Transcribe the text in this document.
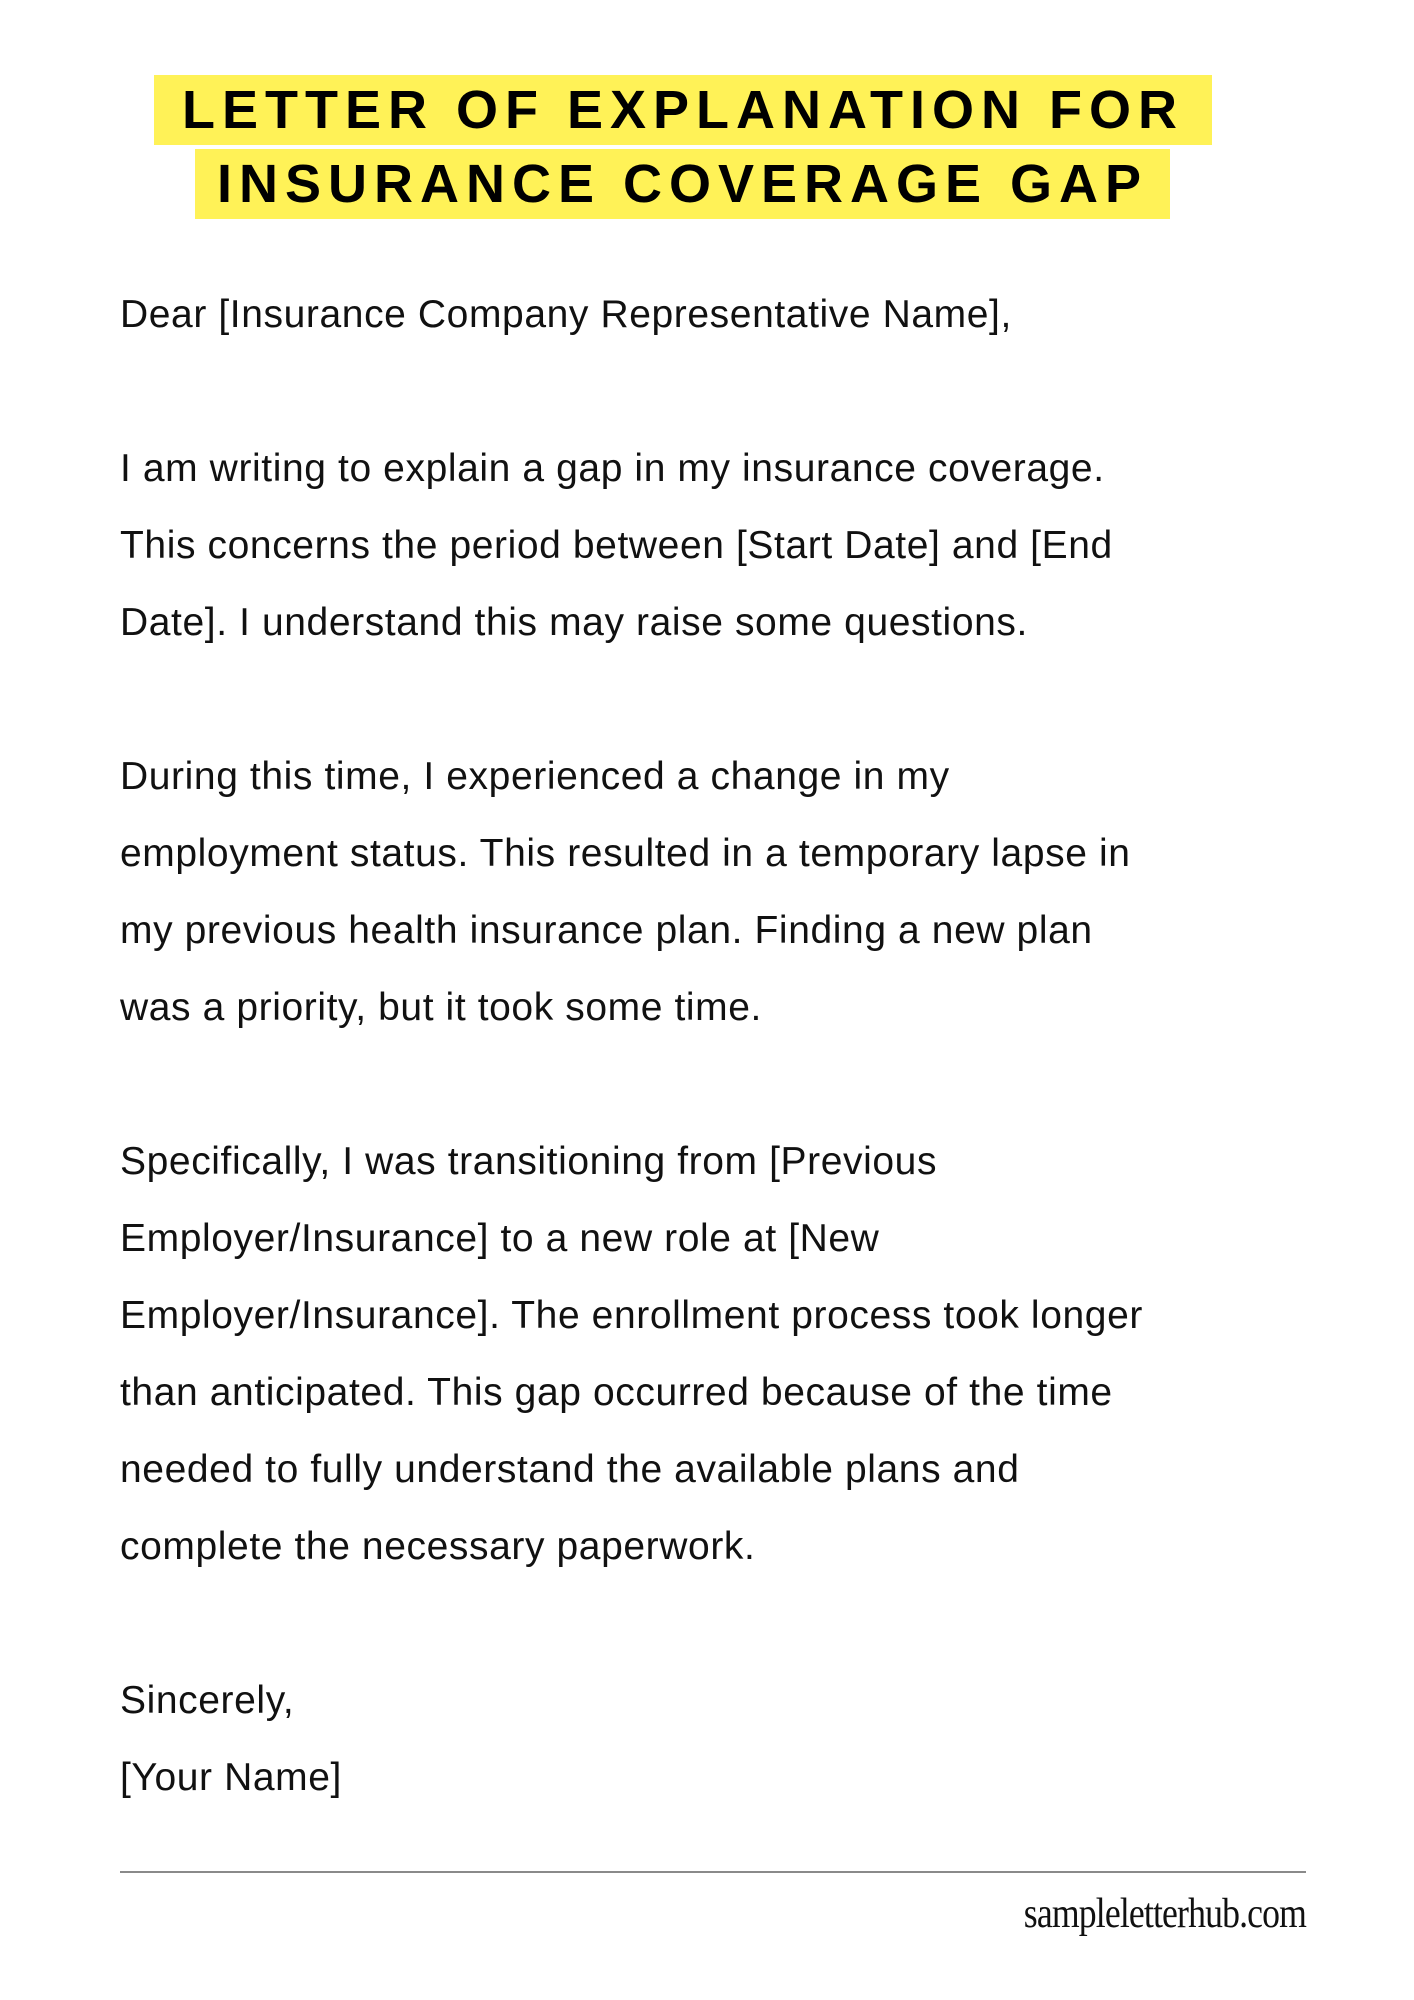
LETTER OF EXPLANATION FOR
INSURANCE COVERAGE GAP
Dear [Insurance Company Representative Name],
I am writing to explain a gap in my insurance coverage.
This concerns the period between [Start Date] and [End
Date]. I understand this may raise some questions.
During this time, I experienced a change in my
employment status. This resulted in a temporary lapse in
my previous health insurance plan. Finding a new plan
was a priority, but it took some time.
Specifically, I was transitioning from [Previous
Employer/Insurance] to a new role at [New
Employer/Insurance]. The enrollment process took longer
than anticipated. This gap occurred because of the time
needed to fully understand the available plans and
complete the necessary paperwork.
Sincerely,
[Your Name]
sampleletterhub.com
